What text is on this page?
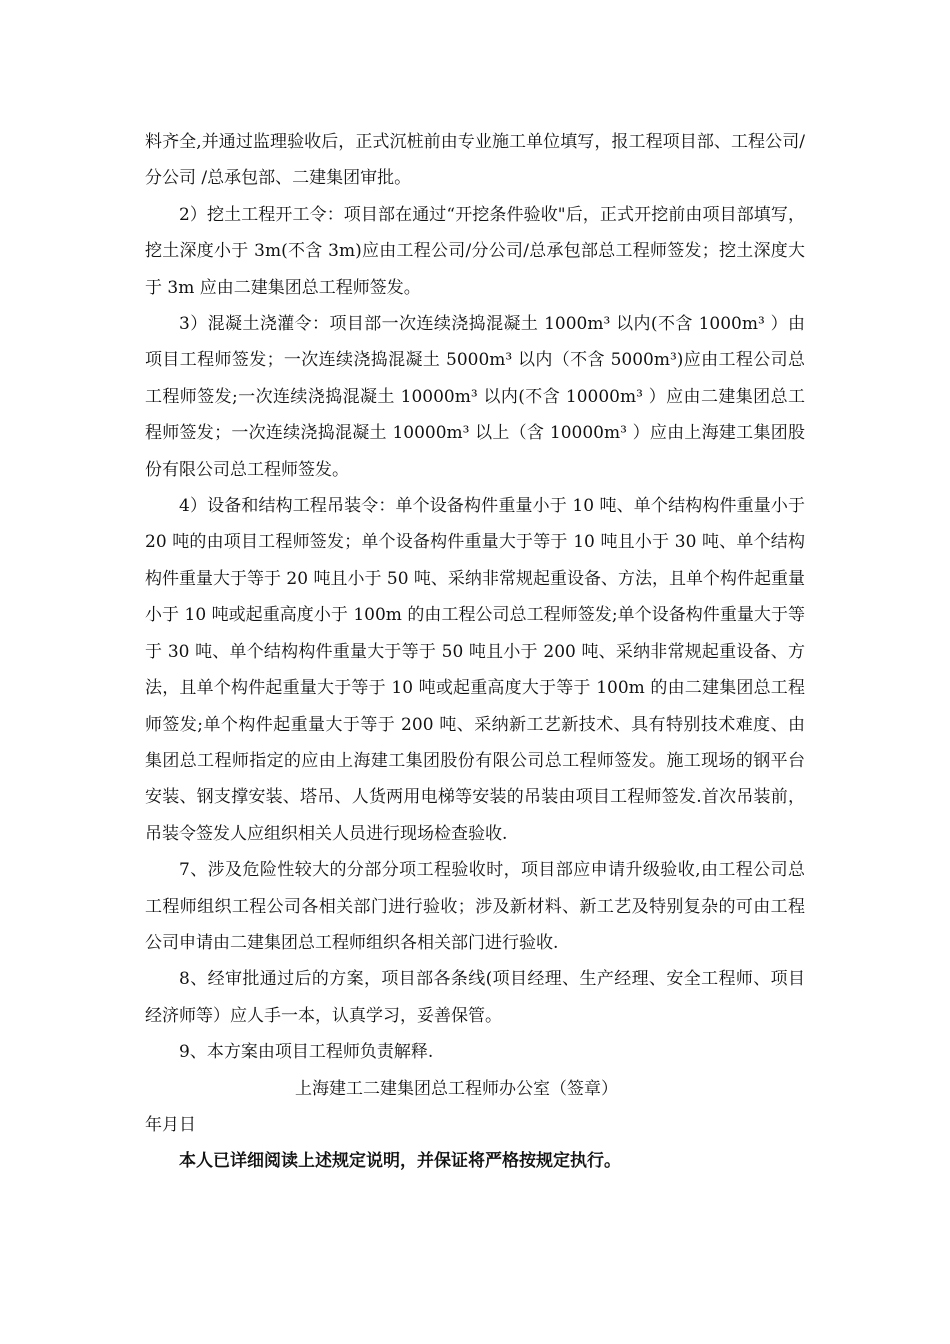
料齐全,并通过监理验收后，正式沉桩前由专业施工单位填写，报工程项目部、工程公司/分公司 /总承包部、二建集团审批。

2）挖土工程开工令：项目部在通过“开挖条件验收"后，正式开挖前由项目部填写，挖土深度小于 3m(不含 3m)应由工程公司/分公司/总承包部总工程师签发；挖土深度大于 3m 应由二建集团总工程师签发。

3）混凝土浇灌令：项目部一次连续浇捣混凝土 1000m³ 以内(不含 1000m³ ）由项目工程师签发；一次连续浇捣混凝土 5000m³ 以内（不含 5000m³)应由工程公司总工程师签发;一次连续浇捣混凝土 10000m³ 以内(不含 10000m³ ）应由二建集团总工程师签发；一次连续浇捣混凝土 10000m³ 以上（含 10000m³ ）应由上海建工集团股份有限公司总工程师签发。

4）设备和结构工程吊装令：单个设备构件重量小于 10 吨、单个结构构件重量小于 20 吨的由项目工程师签发；单个设备构件重量大于等于 10 吨且小于 30 吨、单个结构构件重量大于等于 20 吨且小于 50 吨、采纳非常规起重设备、方法，且单个构件起重量小于 10 吨或起重高度小于 100m 的由工程公司总工程师签发;单个设备构件重量大于等于 30 吨、单个结构构件重量大于等于 50 吨且小于 200 吨、采纳非常规起重设备、方法，且单个构件起重量大于等于 10 吨或起重高度大于等于 100m 的由二建集团总工程师签发;单个构件起重量大于等于 200 吨、采纳新工艺新技术、具有特别技术难度、由集团总工程师指定的应由上海建工集团股份有限公司总工程师签发。施工现场的钢平台安装、钢支撑安装、塔吊、人货两用电梯等安装的吊装由项目工程师签发.首次吊装前，吊装令签发人应组织相关人员进行现场检查验收.

7、涉及危险性较大的分部分项工程验收时，项目部应申请升级验收,由工程公司总工程师组织工程公司各相关部门进行验收；涉及新材料、新工艺及特别复杂的可由工程公司申请由二建集团总工程师组织各相关部门进行验收.

8、经审批通过后的方案，项目部各条线(项目经理、生产经理、安全工程师、项目经济师等）应人手一本，认真学习，妥善保管。

9、本方案由项目工程师负责解释.

上海建工二建集团总工程师办公室（签章）

年月日

本人已详细阅读上述规定说明，并保证将严格按规定执行。
